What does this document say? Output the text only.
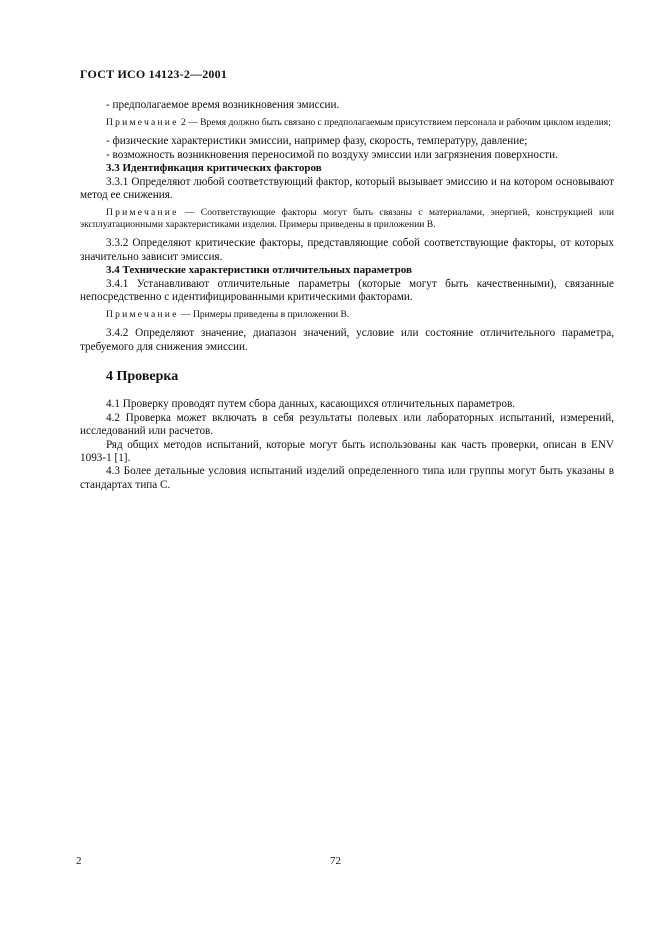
ГОСТ ИСО 14123-2—2001

- предполагаемое время возникновения эмиссии.

Примечание 2 — Время должно быть связано с предполагаемым присутствием персонала и рабочим циклом изделия;

- физические характеристики эмиссии, например фазу, скорость, температуру, давление;

- возможность возникновения переносимой по воздуху эмиссии или загрязнения поверхности.

3.3 Идентификация критических факторов

3.3.1 Определяют любой соответствующий фактор, который вызывает эмиссию и на котором основывают метод ее снижения.

Примечание — Соответствующие факторы могут быть связаны с материалами, энергией, конструкцией или эксплуатационными характеристиками изделия. Примеры приведены в приложении В.

3.3.2 Определяют критические факторы, представляющие собой соответствующие факторы, от которых значительно зависит эмиссия.

3.4 Технические характеристики отличительных параметров

3.4.1 Устанавливают отличительные параметры (которые могут быть качественными), связанные непосредственно с идентифицированными критическими факторами.

Примечание — Примеры приведены в приложении В.

3.4.2 Определяют значение, диапазон значений, условие или состояние отличительного параметра, требуемого для снижения эмиссии.

4 Проверка

4.1 Проверку проводят путем сбора данных, касающихся отличительных параметров.

4.2 Проверка может включать в себя результаты полевых или лабораторных испытаний, измерений, исследований или расчетов.

Ряд общих методов испытаний, которые могут быть использованы как часть проверки, описан в ENV 1093-1 [1].

4.3 Более детальные условия испытаний изделий определенного типа или группы могут быть указаны в стандартах типа С.

2	72
